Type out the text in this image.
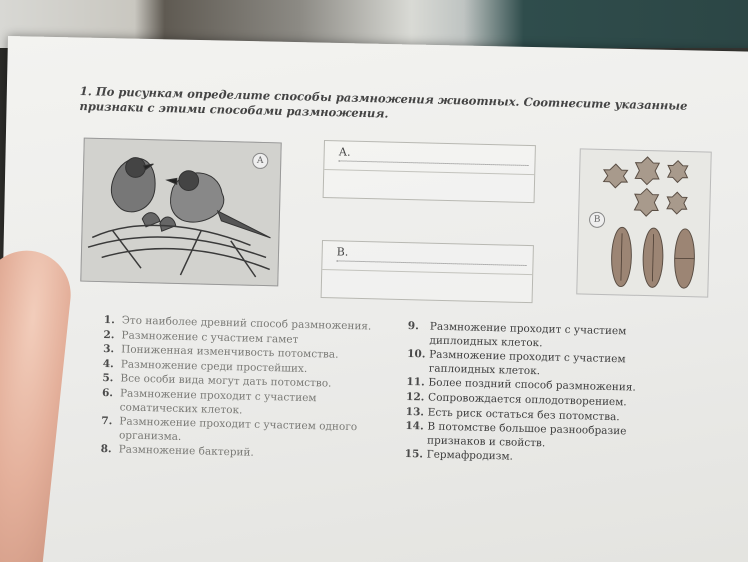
1. По рисункам определите способы размножения животных. Соотнесите указанные признаки с этими способами размножения.
А
А.
В.
В
1. Это наиболее древний способ размножения.
2. Размножение с участием гамет
3. Пониженная изменчивость потомства.
4. Размножение среди простейших.
5. Все особи вида могут дать потомство.
6. Размножение проходит с участием соматических клеток.
7. Размножение проходит с участием одного организма.
8. Размножение бактерий.
9.	Размножение проходит с участием диплоидных клеток.
10. Размножение проходит с участием гаплоидных клеток.
11. Более поздний способ размножения.
12. Сопровождается оплодотворением.
13. Есть риск остаться без потомства.
14. В потомстве большое разнообразие признаков и свойств.
15. Гермафродизм.
